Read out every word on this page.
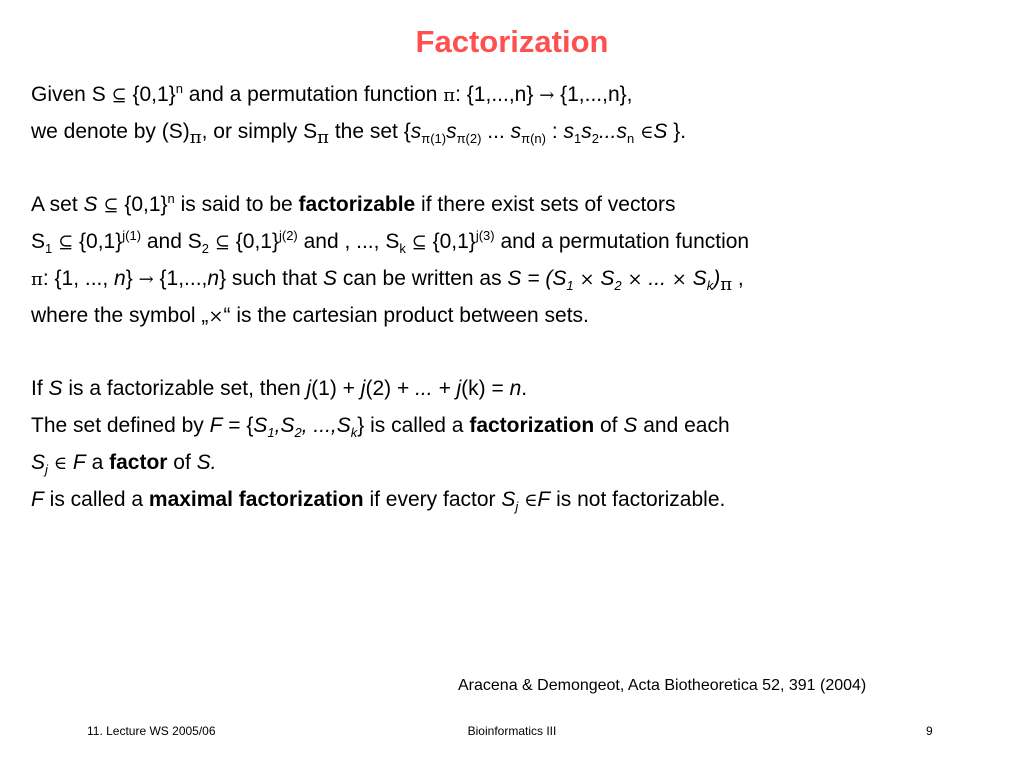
Factorization

Given S ⊆ $\{0,1\}^n$ and a permutation function π: {1,...,n} → {1,...,n},

we denote by $(S)_\pi$, or simply $S_\pi$ the set {$s_{\pi(1)}s_{\pi(2)}$ ... $s_{\pi(n)}$ : $s_1s_2...s_n$ ∈S }.

A set S ⊆ $\{0,1\}^n$ is said to be factorizable if there exist sets of vectors

$S_1$ ⊆ $\{0,1\}^{j(1)}$ and $S_2$ ⊆ $\{0,1\}^{j(2)}$ and , ..., $S_k$ ⊆ $\{0,1\}^{j(3)}$ and a permutation function

π: {1, ..., n} → {1,...,n} such that S can be written as $S = (S_1 \times S_2$ × ... × $S_k)_\pi$ ,

where the symbol „×“ is the cartesian product between sets.

If S is a factorizable set, then j(1) + j(2) + ... + j(k) = n.

The set defined by $F = \{S_1,S_2$, $...,S_k$} is called a factorization of S and each

$S_j$ ∈ F a factor of S.

F is called a maximal factorization if every factor $S_j$ ∈F is not factorizable.

Aracena & Demongeot, Acta Biotheoretica 52, 391 (2004)
11. Lecture WS 2005/06	Bioinformatics III	9
